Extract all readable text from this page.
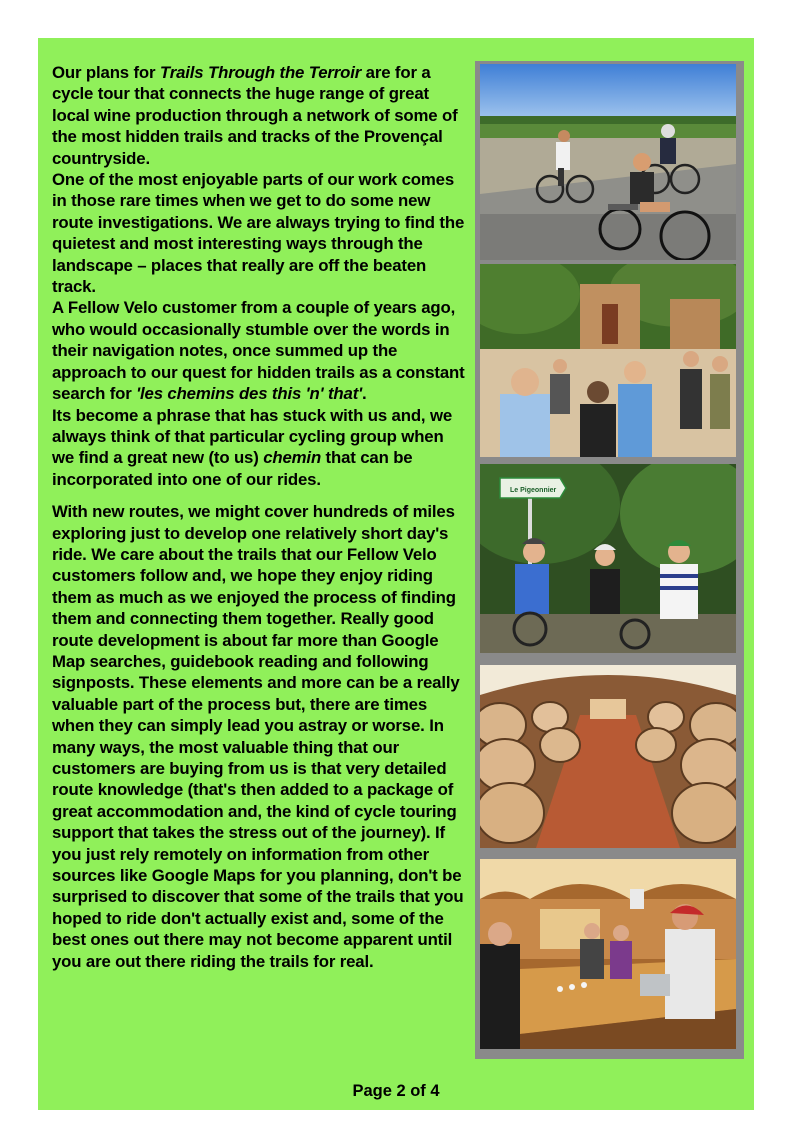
Our plans for Trails Through the Terroir are for a cycle tour that connects the huge range of great local wine production through a network of some of the most hidden trails and tracks of the Provençal countryside.

One of the most enjoyable parts of our work comes in those rare times when we get to do some new route investigations. We are always trying to find the quietest and most interesting ways through the landscape – places that really are off the beaten track.

A Fellow Velo customer from a couple of years ago, who would occasionally stumble over the words in their navigation notes, once summed up the approach to our quest for hidden trails as a constant search for 'les chemins des this 'n' that'.

Its become a phrase that has stuck with us and, we always think of that particular cycling group when we find a great new (to us) chemin that can be incorporated into one of our rides.

With new routes, we might cover hundreds of miles exploring just to develop one relatively short day's ride. We care about the trails that our Fellow Velo customers follow and, we hope they enjoy riding them as much as we enjoyed the process of finding them and connecting them together. Really good route development is about far more than Google Map searches, guidebook reading and following signposts. These elements and more can be a really valuable part of the process but, there are times when they can simply lead you astray or worse. In many ways, the most valuable thing that our customers are buying from us is that very detailed route knowledge (that's then added to a package of great accommodation and, the kind of cycle touring support that takes the stress out of the journey). If you just rely remotely on information from other sources like Google Maps for you planning, don't be surprised to discover that some of the trails that you hoped to ride don't actually exist and, some of the best ones out there may not become apparent until you are out there riding the trails for real.

Le Pigeonnier
Page 2 of 4
